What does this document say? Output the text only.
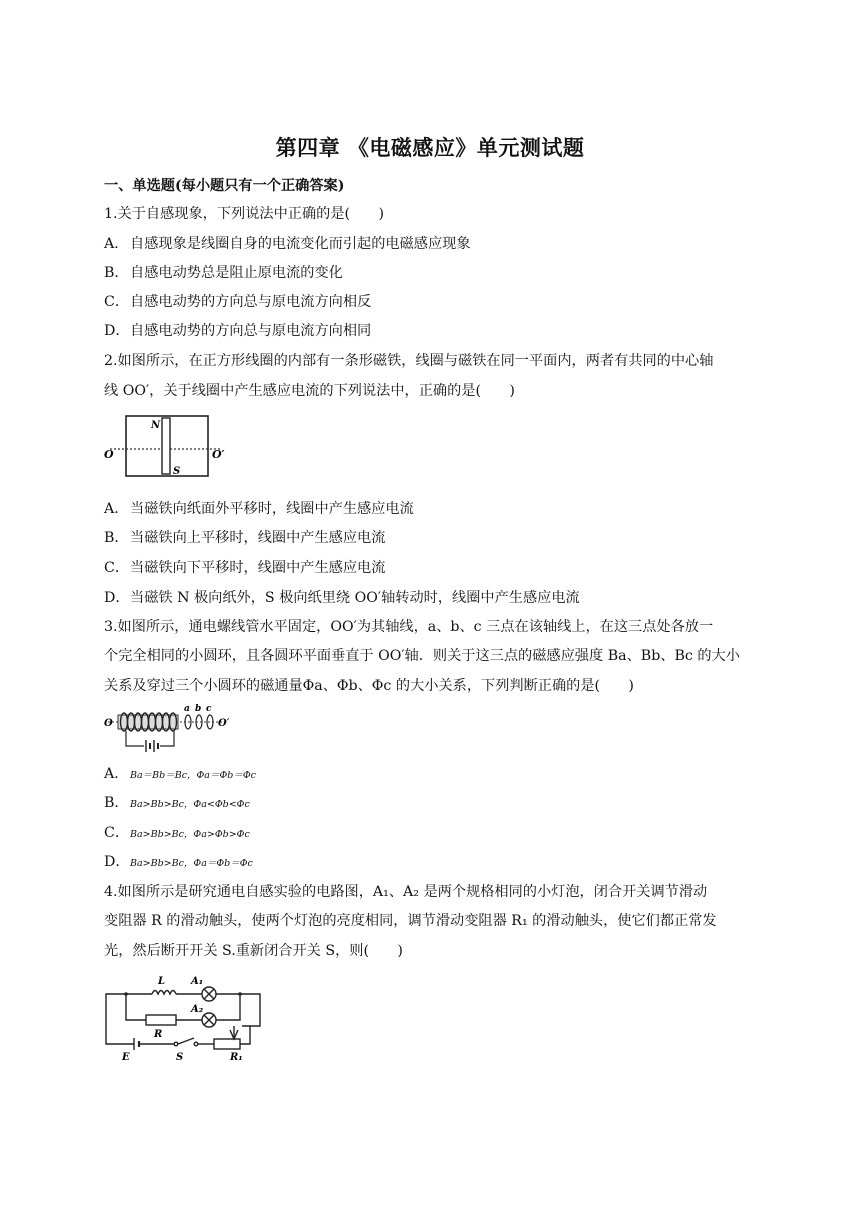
第四章 《电磁感应》单元测试题
一、单选题(每小题只有一个正确答案)
1.关于自感现象，下列说法中正确的是(　　)
A． 自感现象是线圈自身的电流变化而引起的电磁感应现象
B．自感电动势总是阻止原电流的变化
C．自感电动势的方向总与原电流方向相反
D．自感电动势的方向总与原电流方向相同
2.如图所示，在正方形线圈的内部有一条形磁铁，线圈与磁铁在同一平面内，两者有共同的中心轴
线 OO′，关于线圈中产生感应电流的下列说法中，正确的是(　　)
N
S
O	O′
A． 当磁铁向纸面外平移时，线圈中产生感应电流
B．当磁铁向上平移时，线圈中产生感应电流
C．当磁铁向下平移时，线圈中产生感应电流
D．当磁铁 N 极向纸外，S 极向纸里绕 OO′轴转动时，线圈中产生感应电流
3.如图所示，通电螺线管水平固定，OO′为其轴线，a、b、c 三点在该轴线上，在这三点处各放一
个完全相同的小圆环，且各圆环平面垂直于 OO′轴．则关于这三点的磁感应强度 Ba、Bb、Bc 的大小
关系及穿过三个小圆环的磁通量Φa、Φb、Φc 的大小关系，下列判断正确的是(　　)
a b c
O	O′
A． Ba＝Bb＝Bc，Φa＝Φb＝Φc
B．Ba>Bb>Bc，Φa<Φb<Φc
C．Ba>Bb>Bc，Φa>Φb>Φc
D．Ba>Bb>Bc，Φa＝Φb＝Φc
4.如图所示是研究通电自感实验的电路图，A₁、A₂ 是两个规格相同的小灯泡，闭合开关调节滑动
变阻器 R 的滑动触头，使两个灯泡的亮度相同，调节滑动变阻器 R₁ 的滑动触头，使它们都正常发
光，然后断开开关 S.重新闭合开关 S，则(　　)
L	A₁
A₂
R
E	S	R₁
